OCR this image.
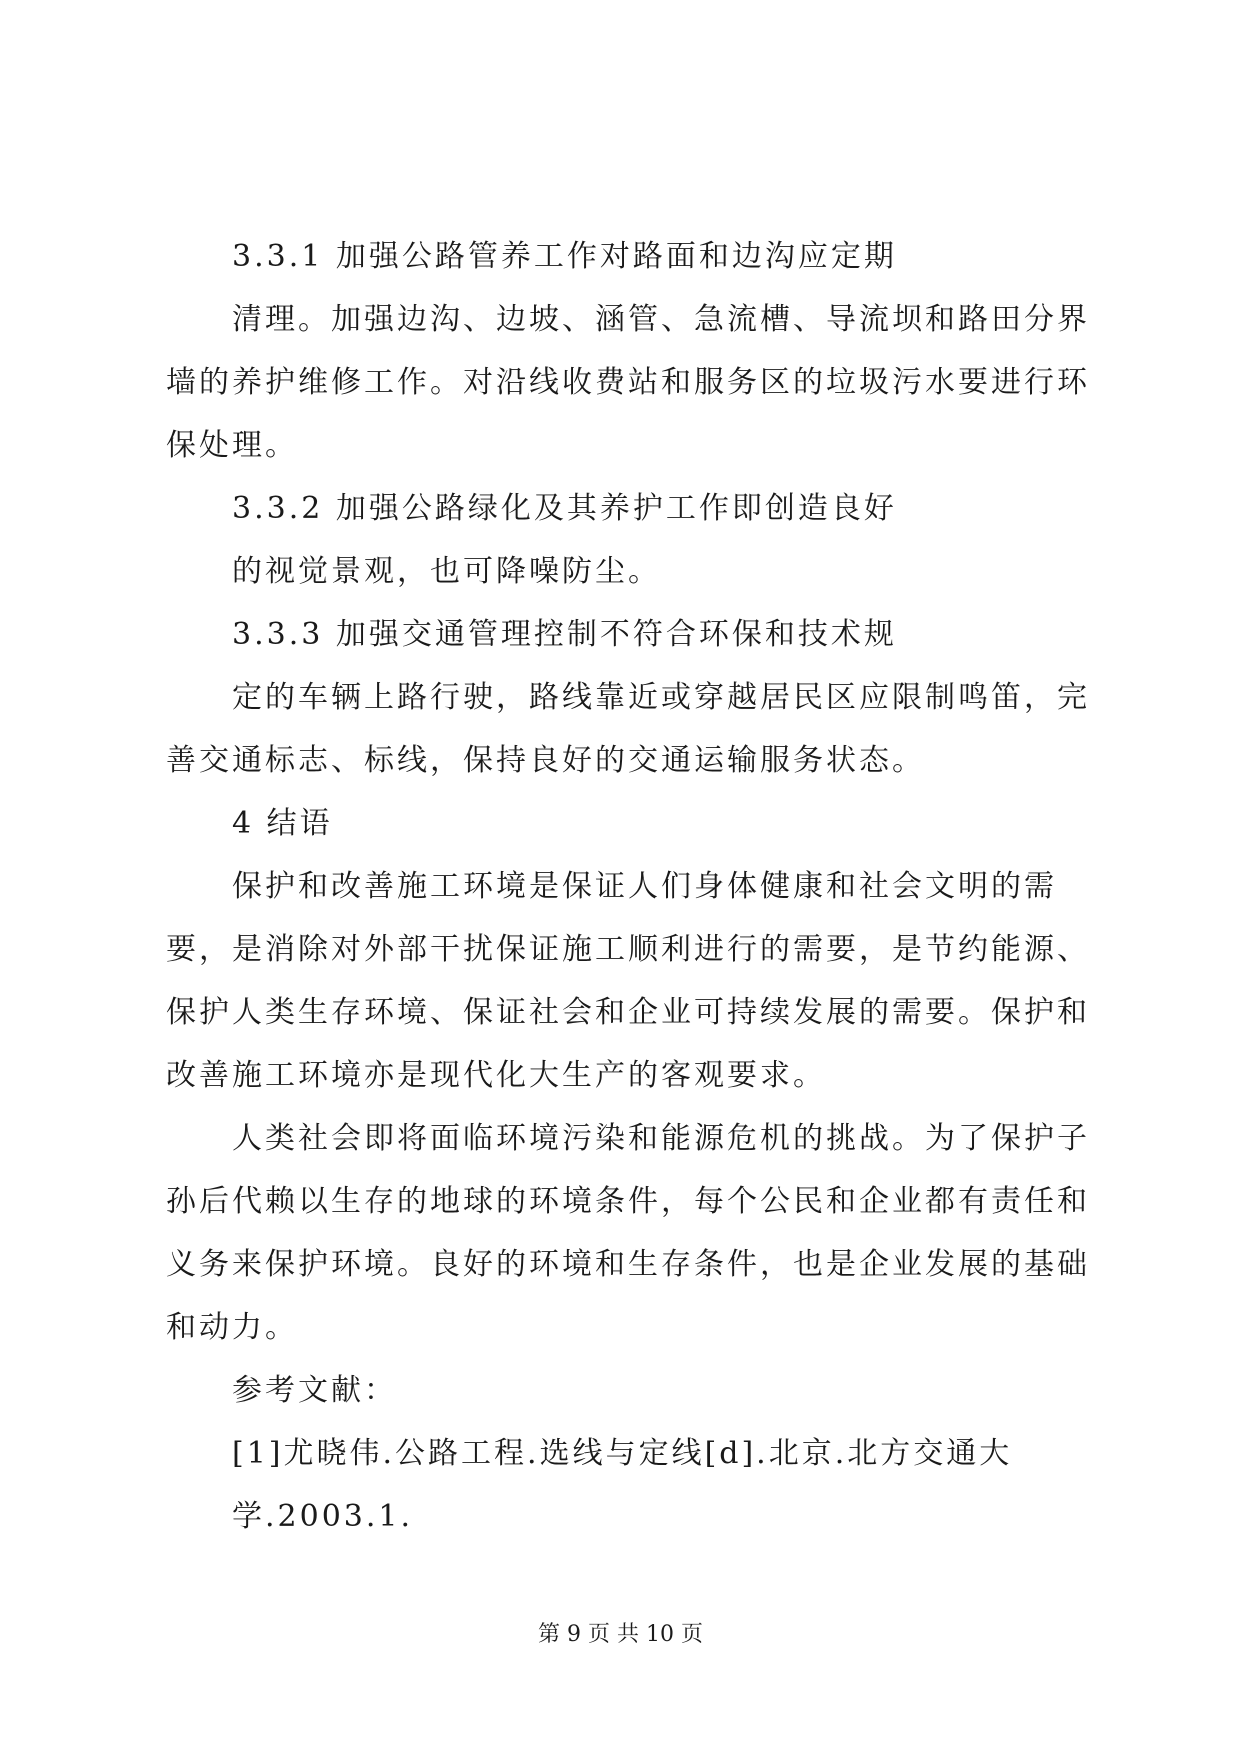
3.3.1 加强公路管养工作对路面和边沟应定期
清理。加强边沟、边坡、涵管、急流槽、导流坝和路田分界
墙的养护维修工作。对沿线收费站和服务区的垃圾污水要进行环
保处理。
3.3.2 加强公路绿化及其养护工作即创造良好
的视觉景观，也可降噪防尘。
3.3.3 加强交通管理控制不符合环保和技术规
定的车辆上路行驶，路线靠近或穿越居民区应限制鸣笛，完
善交通标志、标线，保持良好的交通运输服务状态。
4 结语
保护和改善施工环境是保证人们身体健康和社会文明的需
要，是消除对外部干扰保证施工顺利进行的需要，是节约能源、
保护人类生存环境、保证社会和企业可持续发展的需要。保护和
改善施工环境亦是现代化大生产的客观要求。
人类社会即将面临环境污染和能源危机的挑战。为了保护子
孙后代赖以生存的地球的环境条件，每个公民和企业都有责任和
义务来保护环境。良好的环境和生存条件，也是企业发展的基础
和动力。
参考文献：
[1]尤晓伟.公路工程.选线与定线[d].北京.北方交通大
学.2003.1.
第 9 页 共 10 页
